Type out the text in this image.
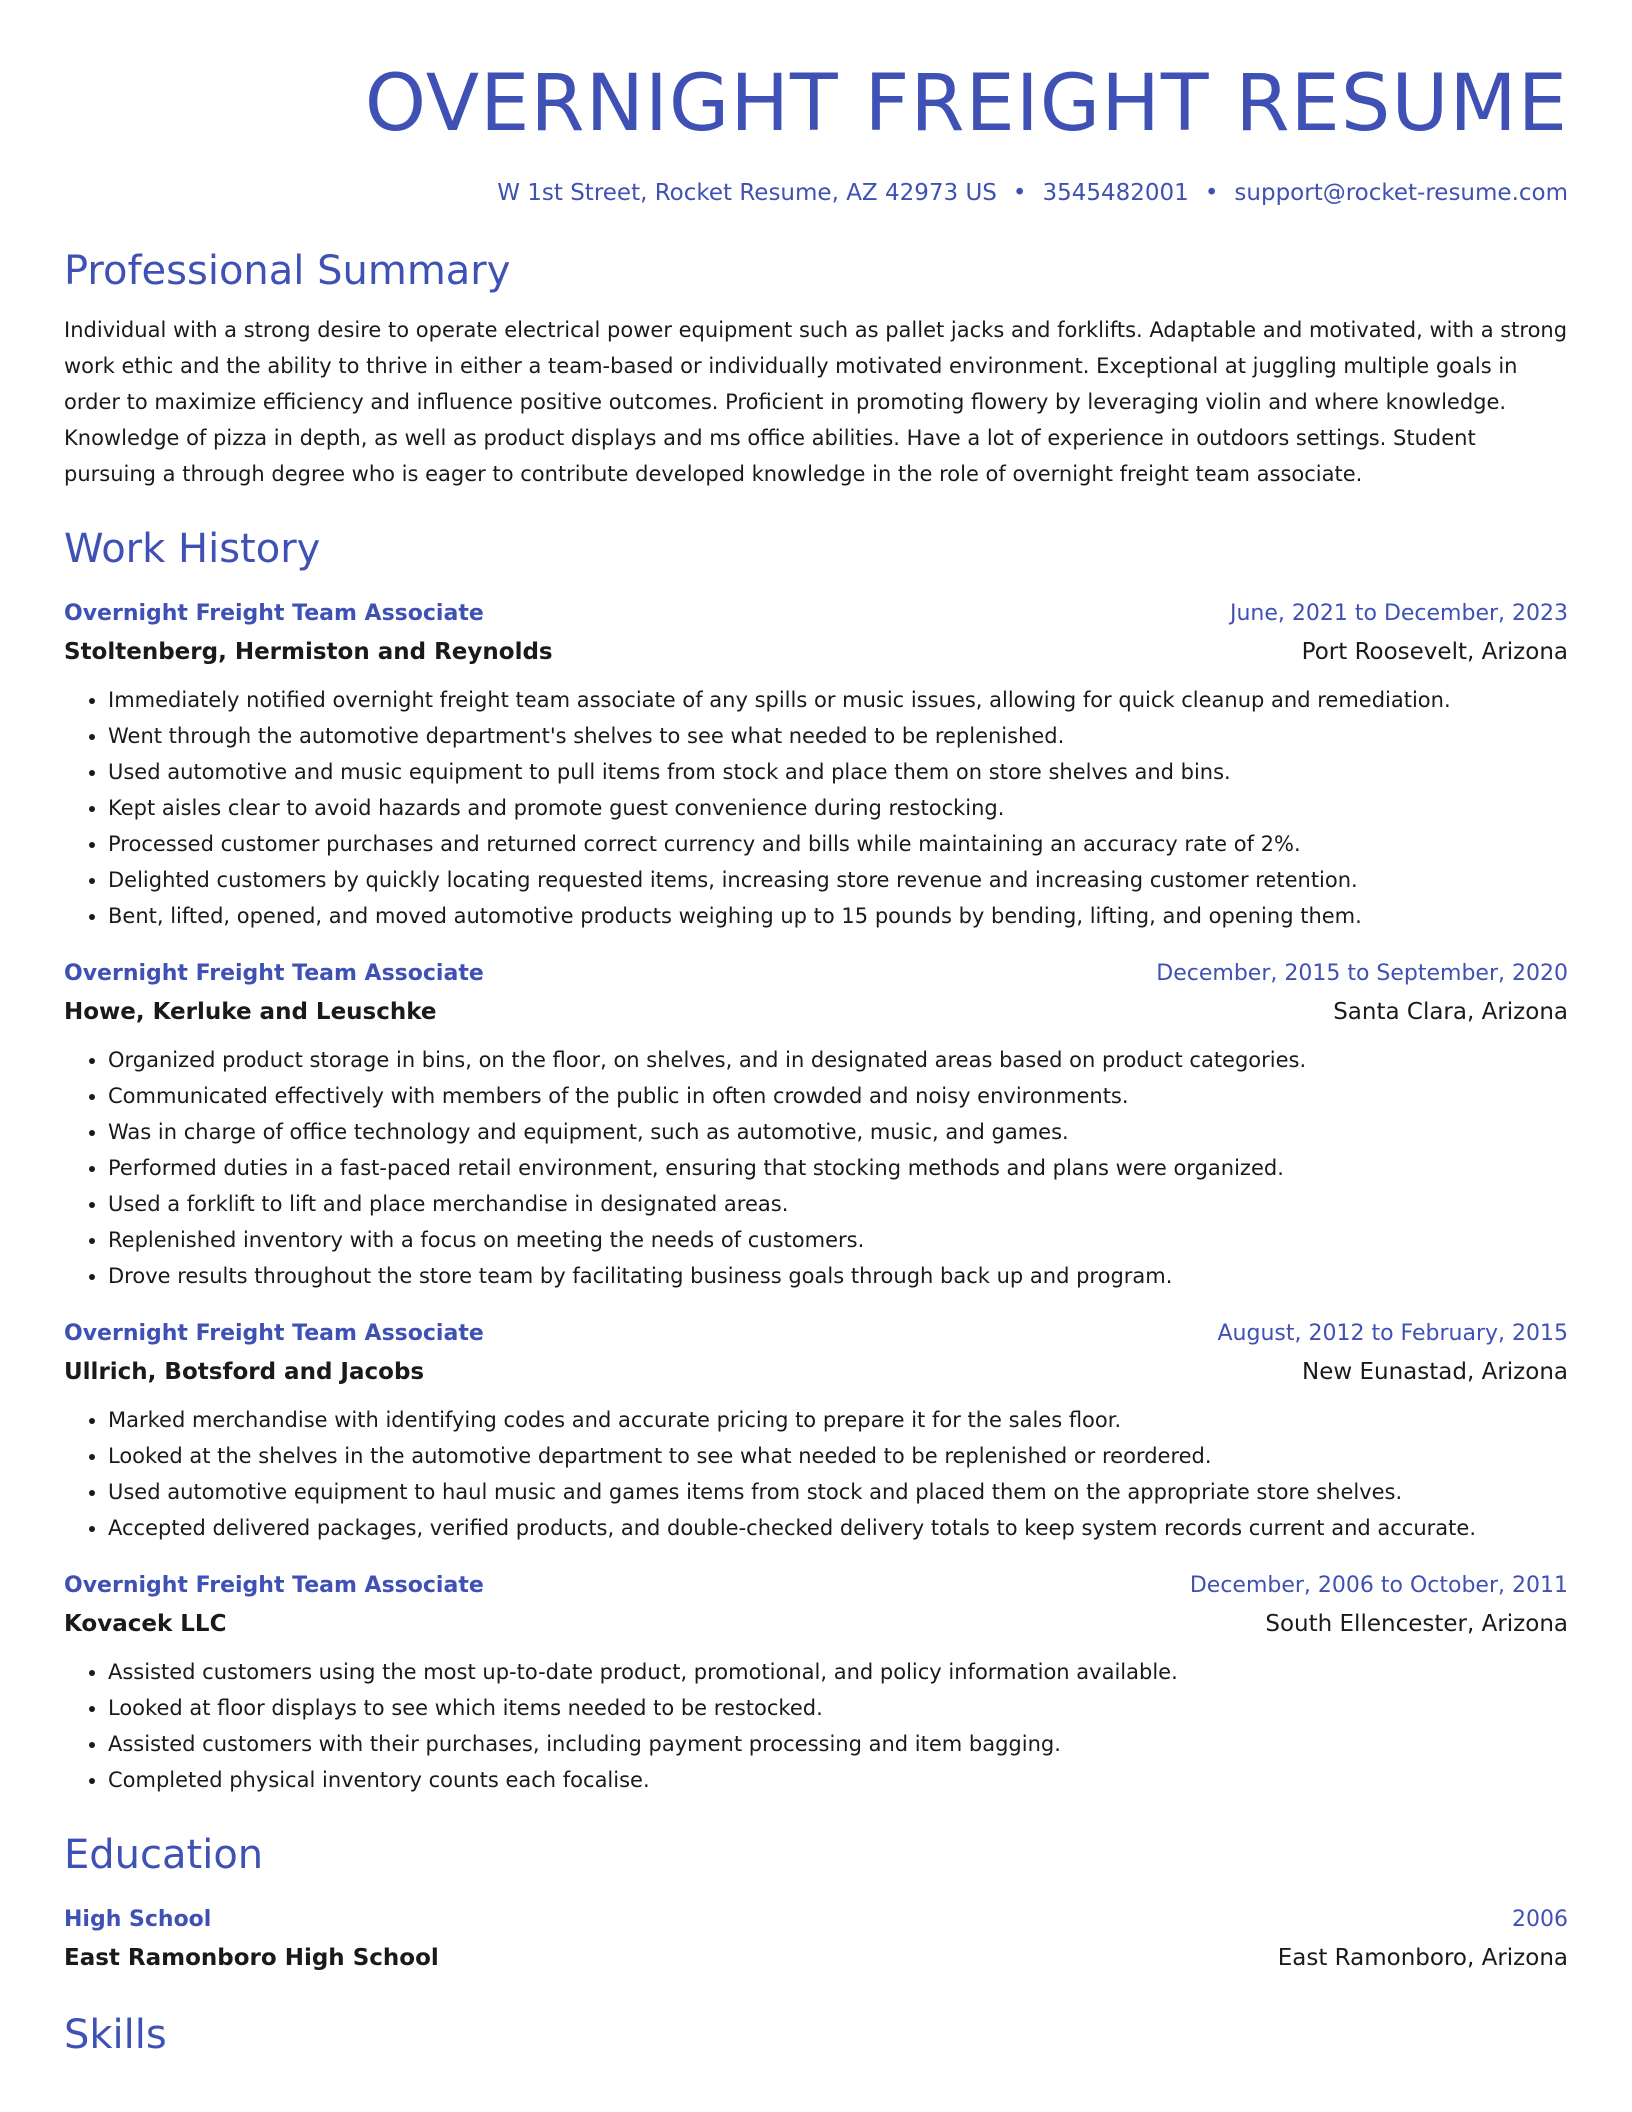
OVERNIGHT FREIGHT RESUME
W 1st Street, Rocket Resume, AZ 42973 US • 3545482001 • support@rocket-resume.com
Professional Summary
Individual with a strong desire to operate electrical power equipment such as pallet jacks and forklifts. Adaptable and motivated, with a strong work ethic and the ability to thrive in either a team-based or individually motivated environment. Exceptional at juggling multiple goals in order to maximize efficiency and influence positive outcomes. Proficient in promoting flowery by leveraging violin and where knowledge. Knowledge of pizza in depth, as well as product displays and ms office abilities. Have a lot of experience in outdoors settings. Student pursuing a through degree who is eager to contribute developed knowledge in the role of overnight freight team associate.
Work History
Overnight Freight Team Associate	June, 2021 to December, 2023
Stoltenberg, Hermiston and Reynolds	Port Roosevelt, Arizona
• Immediately notified overnight freight team associate of any spills or music issues, allowing for quick cleanup and remediation.
• Went through the automotive department's shelves to see what needed to be replenished.
• Used automotive and music equipment to pull items from stock and place them on store shelves and bins.
• Kept aisles clear to avoid hazards and promote guest convenience during restocking.
• Processed customer purchases and returned correct currency and bills while maintaining an accuracy rate of 2%.
• Delighted customers by quickly locating requested items, increasing store revenue and increasing customer retention.
• Bent, lifted, opened, and moved automotive products weighing up to 15 pounds by bending, lifting, and opening them.
Overnight Freight Team Associate	December, 2015 to September, 2020
Howe, Kerluke and Leuschke	Santa Clara, Arizona
• Organized product storage in bins, on the floor, on shelves, and in designated areas based on product categories.
• Communicated effectively with members of the public in often crowded and noisy environments.
• Was in charge of office technology and equipment, such as automotive, music, and games.
• Performed duties in a fast-paced retail environment, ensuring that stocking methods and plans were organized.
• Used a forklift to lift and place merchandise in designated areas.
• Replenished inventory with a focus on meeting the needs of customers.
• Drove results throughout the store team by facilitating business goals through back up and program.
Overnight Freight Team Associate	August, 2012 to February, 2015
Ullrich, Botsford and Jacobs	New Eunastad, Arizona
• Marked merchandise with identifying codes and accurate pricing to prepare it for the sales floor.
• Looked at the shelves in the automotive department to see what needed to be replenished or reordered.
• Used automotive equipment to haul music and games items from stock and placed them on the appropriate store shelves.
• Accepted delivered packages, verified products, and double-checked delivery totals to keep system records current and accurate.
Overnight Freight Team Associate	December, 2006 to October, 2011
Kovacek LLC	South Ellencester, Arizona
• Assisted customers using the most up-to-date product, promotional, and policy information available.
• Looked at floor displays to see which items needed to be restocked.
• Assisted customers with their purchases, including payment processing and item bagging.
• Completed physical inventory counts each focalise.
Education
High School	2006
East Ramonboro High School	East Ramonboro, Arizona
Skills
